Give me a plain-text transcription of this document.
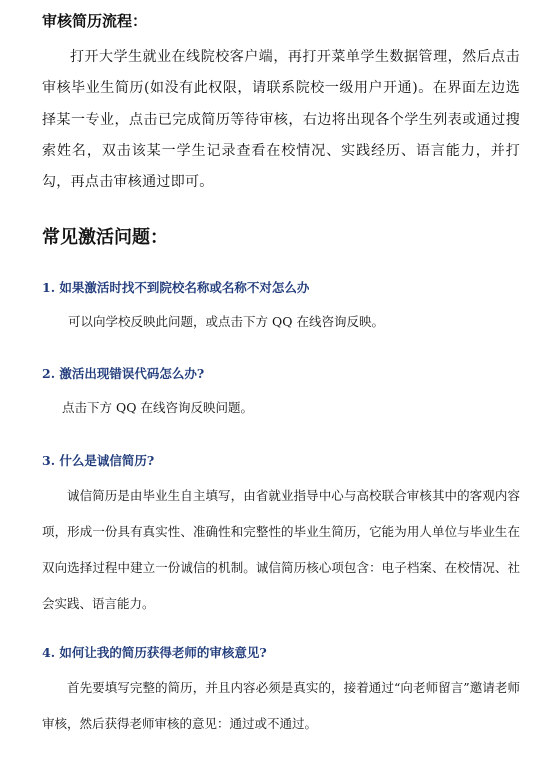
审核简历流程：

打开大学生就业在线院校客户端，再打开菜单学生数据管理，然后点击审核毕业生简历(如没有此权限，请联系院校一级用户开通)。在界面左边选择某一专业，点击已完成简历等待审核，右边将出现各个学生列表或通过搜索姓名，双击该某一学生记录查看在校情况、实践经历、语言能力，并打勾，再点击审核通过即可。

常见激活问题：
1. 如果激活时找不到院校名称或名称不对怎么办

可以向学校反映此问题，或点击下方 QQ 在线咨询反映。

2. 激活出现错误代码怎么办?

点击下方 QQ 在线咨询反映问题。

3. 什么是诚信简历?

诚信简历是由毕业生自主填写，由省就业指导中心与高校联合审核其中的客观内容项，形成一份具有真实性、准确性和完整性的毕业生简历，它能为用人单位与毕业生在双向选择过程中建立一份诚信的机制。诚信简历核心项包含：电子档案、在校情况、社会实践、语言能力。

4. 如何让我的简历获得老师的审核意见?

首先要填写完整的简历，并且内容必须是真实的，接着通过“向老师留言”邀请老师审核，然后获得老师审核的意见：通过或不通过。
